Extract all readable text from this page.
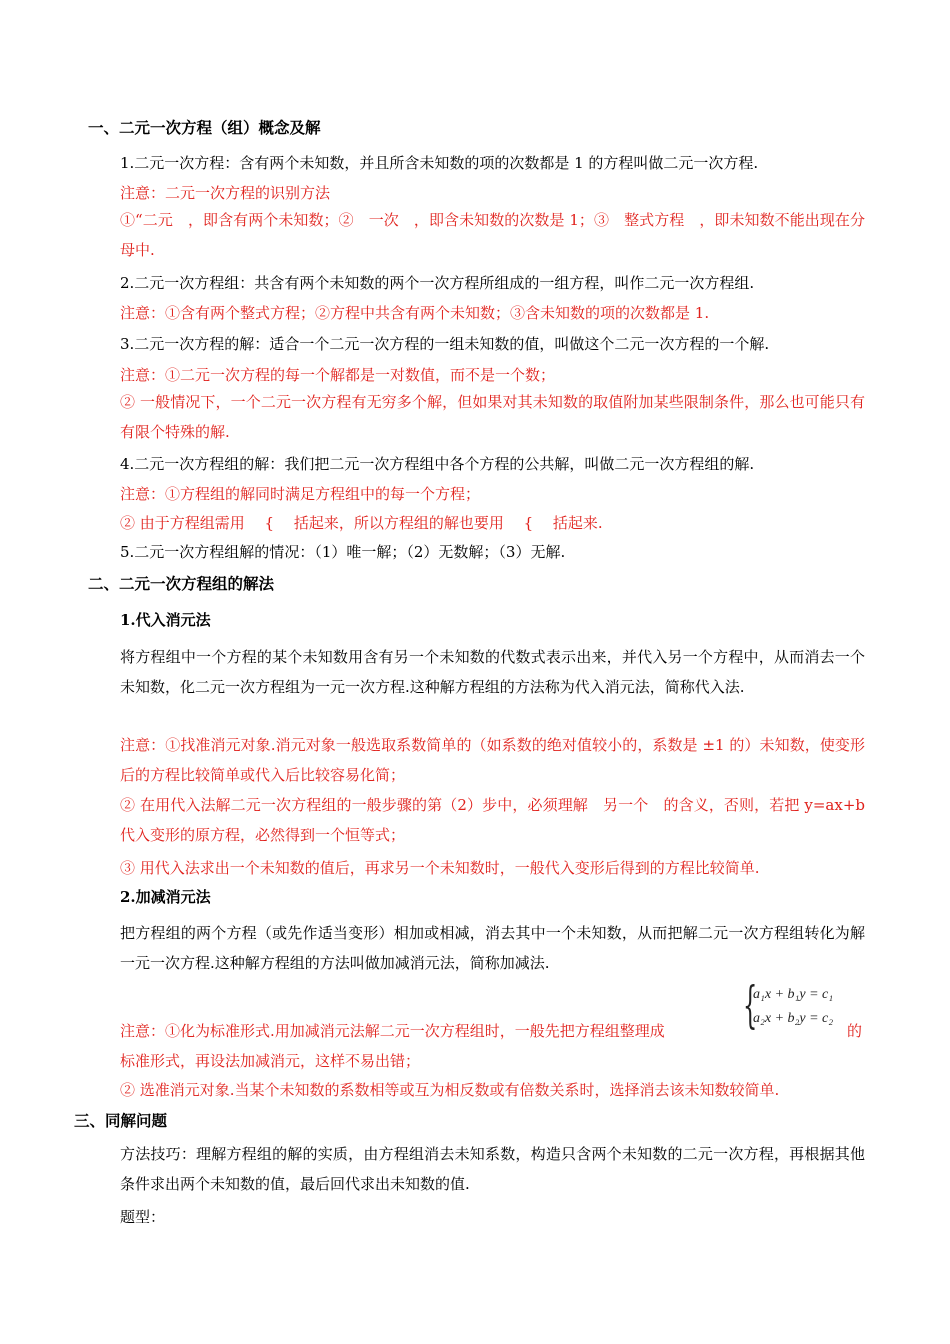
一、二元一次方程（组）概念及解
1.二元一次方程：含有两个未知数，并且所含未知数的项的次数都是 1 的方程叫做二元一次方程.
注意：二元一次方程的识别方法
①“二元　，即含有两个未知数；②　一次　，即含未知数的次数是 1；③　整式方程　，即未知数不能出现在分母中.
2.二元一次方程组：共含有两个未知数的两个一次方程所组成的一组方程，叫作二元一次方程组.
注意：①含有两个整式方程；②方程中共含有两个未知数；③含未知数的项的次数都是 1.
3.二元一次方程的解：适合一个二元一次方程的一组未知数的值，叫做这个二元一次方程的一个解.
注意：①二元一次方程的每一个解都是一对数值，而不是一个数；
② 一般情况下，一个二元一次方程有无穷多个解，但如果对其未知数的取值附加某些限制条件，那么也可能只有有限个特殊的解.
4.二元一次方程组的解：我们把二元一次方程组中各个方程的公共解，叫做二元一次方程组的解.
注意：①方程组的解同时满足方程组中的每一个方程；
② 由于方程组需用　 {　 括起来，所以方程组的解也要用　 {　 括起来.
5.二元一次方程组解的情况：（1）唯一解；（2）无数解；（3）无解.
二、二元一次方程组的解法
1.代入消元法
将方程组中一个方程的某个未知数用含有另一个未知数的代数式表示出来，并代入另一个方程中，从而消去一个未知数，化二元一次方程组为一元一次方程.这种解方程组的方法称为代入消元法，简称代入法.
注意：①找准消元对象.消元对象一般选取系数简单的（如系数的绝对值较小的，系数是 ±1 的）未知数，使变形后的方程比较简单或代入后比较容易化简；
② 在用代入法解二元一次方程组的一般步骤的第（2）步中，必须理解　另一个　的含义，否则，若把 y=ax+b 代入变形的原方程，必然得到一个恒等式；
③ 用代入法求出一个未知数的值后，再求另一个未知数时，一般代入变形后得到的方程比较简单.
2.加减消元法
把方程组的两个方程（或先作适当变形）相加或相减，消去其中一个未知数，从而把解二元一次方程组转化为解一元一次方程.这种解方程组的方法叫做加减消元法，简称加减法.
{
a₁x + b₁y = c₁
a₂x + b₂y = c₂
注意：①化为标准形式.用加减消元法解二元一次方程组时，一般先把方程组整理成	的
标准形式，再设法加减消元，这样不易出错；
② 选准消元对象.当某个未知数的系数相等或互为相反数或有倍数关系时，选择消去该未知数较简单.
三、同解问题
方法技巧：理解方程组的解的实质，由方程组消去未知系数，构造只含两个未知数的二元一次方程，再根据其他条件求出两个未知数的值，最后回代求出未知数的值.
题型：
